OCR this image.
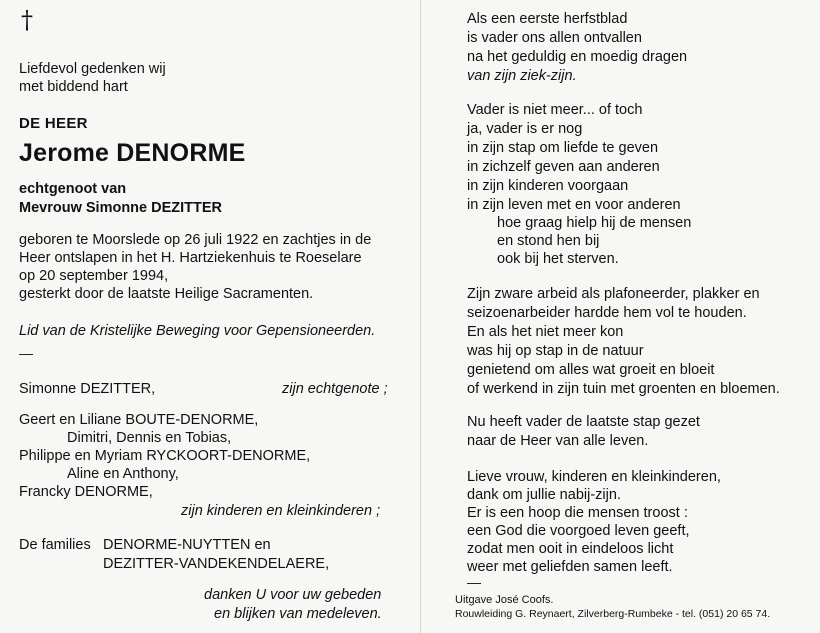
†
Liefdevol gedenken wij
met biddend hart
DE HEER
Jerome DENORME
echtgenoot van
Mevrouw Simonne DEZITTER
geboren te Moorslede op 26 juli 1922 en zachtjes in de
Heer ontslapen in het H. Hartziekenhuis te Roeselare
op 20 september 1994,
gesterkt door de laatste Heilige Sacramenten.
Lid van de Kristelijke Beweging voor Gepensioneerden.
—
Simonne DEZITTER,	zijn echtgenote ;
Geert en Liliane BOUTE-DENORME,
Dimitri, Dennis en Tobias,
Philippe en Myriam RYCKOORT-DENORME,
Aline en Anthony,
Francky DENORME,
zijn kinderen en kleinkinderen ;
De families DENORME-NUYTTEN en
DEZITTER-VANDEKENDELAERE,
danken U voor uw gebeden
en blijken van medeleven.
Als een eerste herfstblad
is vader ons allen ontvallen
na het geduldig en moedig dragen
van zijn ziek-zijn.
Vader is niet meer... of toch
ja, vader is er nog
in zijn stap om liefde te geven
in zichzelf geven aan anderen
in zijn kinderen voorgaan
in zijn leven met en voor anderen
hoe graag hielp hij de mensen
en stond hen bij
ook bij het sterven.
Zijn zware arbeid als plafoneerder, plakker en
seizoenarbeider hardde hem vol te houden.
En als het niet meer kon
was hij op stap in de natuur
genietend om alles wat groeit en bloeit
of werkend in zijn tuin met groenten en bloemen.
Nu heeft vader de laatste stap gezet
naar de Heer van alle leven.
Lieve vrouw, kinderen en kleinkinderen,
dank om jullie nabij-zijn.
Er is een hoop die mensen troost :
een God die voorgoed leven geeft,
zodat men ooit in eindeloos licht
weer met geliefden samen leeft.
—
Uitgave José Coofs.
Rouwleiding G. Reynaert, Zilverberg-Rumbeke - tel. (051) 20 65 74.
